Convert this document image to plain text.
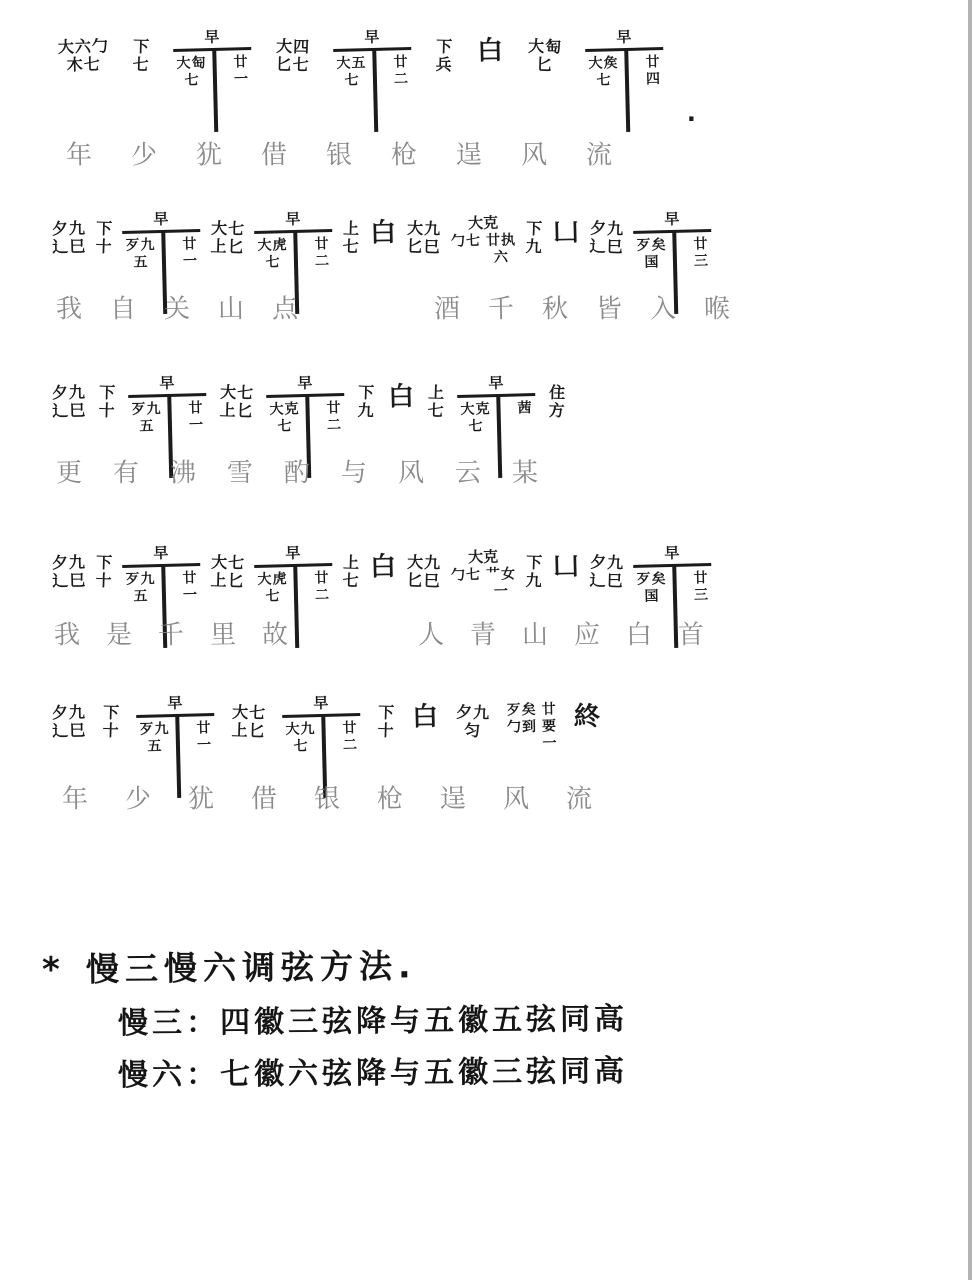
大六勹
木七
下
七
早
大匋
七
廿
一
大四
匕七
早
大五
七
廿
二
下
兵 白 大匋
匕
早
大矦
七
廿
四
.
年	少	犹	借	银	枪	逞	风	流
夕九
辶巳
下
十
早
歹九
五
廿
一
大七
上匕
早
大虎
七
廿
二
上
七 白 大九
匕巳
大克
勹七 廿执
六
下
九 凵 夕九
辶巳
早
歹矣
国
廿
三
我	自	关	山	点

　	酒	千	秋	皆	入	喉
夕九
辶巳
下
十
早
歹九
五
廿
一
大七
上匕
早
大克
七
廿
二
下
九 白 上
七
早
大克
七
茜
住
方
更	有	沸	雪	酌	与	风	云	某
夕九
辶巳
下
十
早
歹九
五
廿
一
大七
上匕
早
大虎
七
廿
二
上
七 白 大九
匕巳
大克
勹七 艹女
一
下
九 凵 夕九
辶巳
早
歹矣
国
廿
三
我 是 千 里 故

　	人 青 山 应 白 首
夕九
辶巳
下
十
早
歹九
五
廿
一
大七
上匕
早
大九
七
廿
二
下
十 白 夕九
匀
歹矣
勹到
廿
要
一
終
年	少	犹	借	银	枪	逞	风	流
* 慢三慢六调弦方法.
慢三：四徽三弦降与五徽五弦同高
慢六：七徽六弦降与五徽三弦同高
